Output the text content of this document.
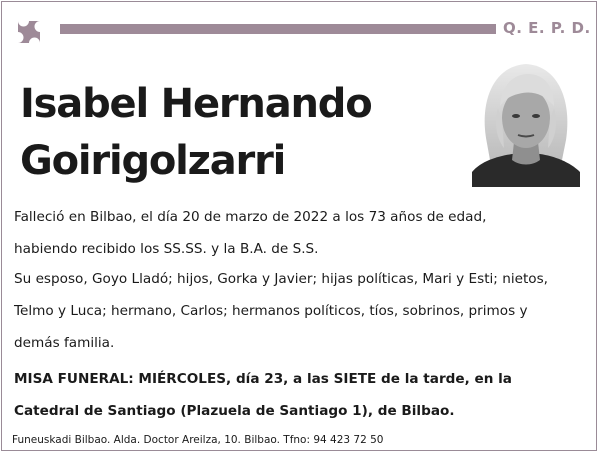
Q. E. P. D.
Isabel Hernando
Goirigolzarri
Falleció en Bilbao, el día 20 de marzo de 2022 a los 73 años de edad,
habiendo recibido los SS.SS. y la B.A. de S.S.
Su esposo, Goyo Lladó; hijos, Gorka y Javier; hijas políticas, Mari y Esti; nietos,
Telmo y Luca; hermano, Carlos; hermanos políticos, tíos, sobrinos, primos y
demás familia.
MISA FUNERAL: MIÉRCOLES, día 23, a las SIETE de la tarde, en la
Catedral de Santiago (Plazuela de Santiago 1), de Bilbao.
Funeuskadi Bilbao. Alda. Doctor Areilza, 10. Bilbao. Tfno: 94 423 72 50
